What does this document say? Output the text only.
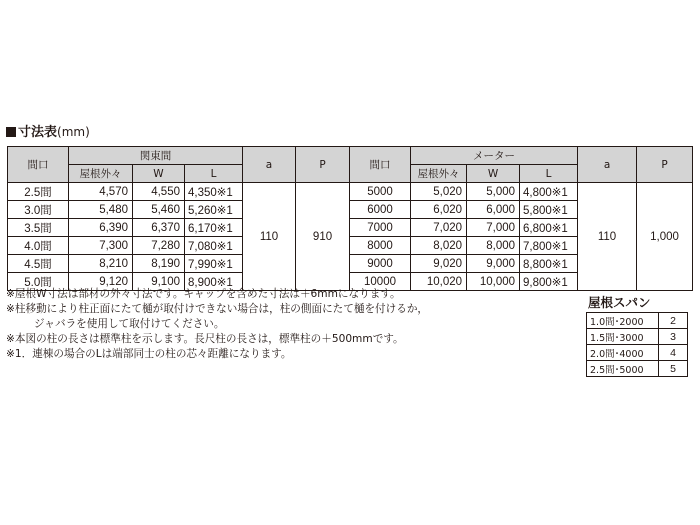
寸法表(mm)
間口	関東間			a	P	間口	メーター			a	P
	屋根外々	W	L				屋根外々	W	L		
2.5間	4,570	4,550	4,350※1	110	910	5000	5,020	5,000	4,800※1	110	1,000
3.0間	5,480	5,460	5,260※1			6000	6,020	6,000	5,800※1		
3.5間	6,390	6,370	6,170※1			7000	7,020	7,000	6,800※1		
4.0間	7,300	7,280	7,080※1			8000	8,020	8,000	7,800※1		
4.5間	8,210	8,190	7,990※1			9000	9,020	9,000	8,800※1		
5.0間	9,120	9,100	8,900※1			10000	10,020	10,000	9,800※1		
※屋根W寸法は部材の外々寸法です。キャップを含めた寸法は＋6mmになります。
※柱移動により柱正面にたて樋が取付けできない場合は，柱の側面にたて樋を付けるか，
ジャバラを使用して取付けてください。
※本図の柱の長さは標準柱を示します。長尺柱の長さは，標準柱の＋500mmです。
※1．連棟の場合のLは端部同士の柱の芯々距離になります。
屋根スパン
1.0間･2000	2
1.5間･3000	3
2.0間･4000	4
2.5間･5000	5
